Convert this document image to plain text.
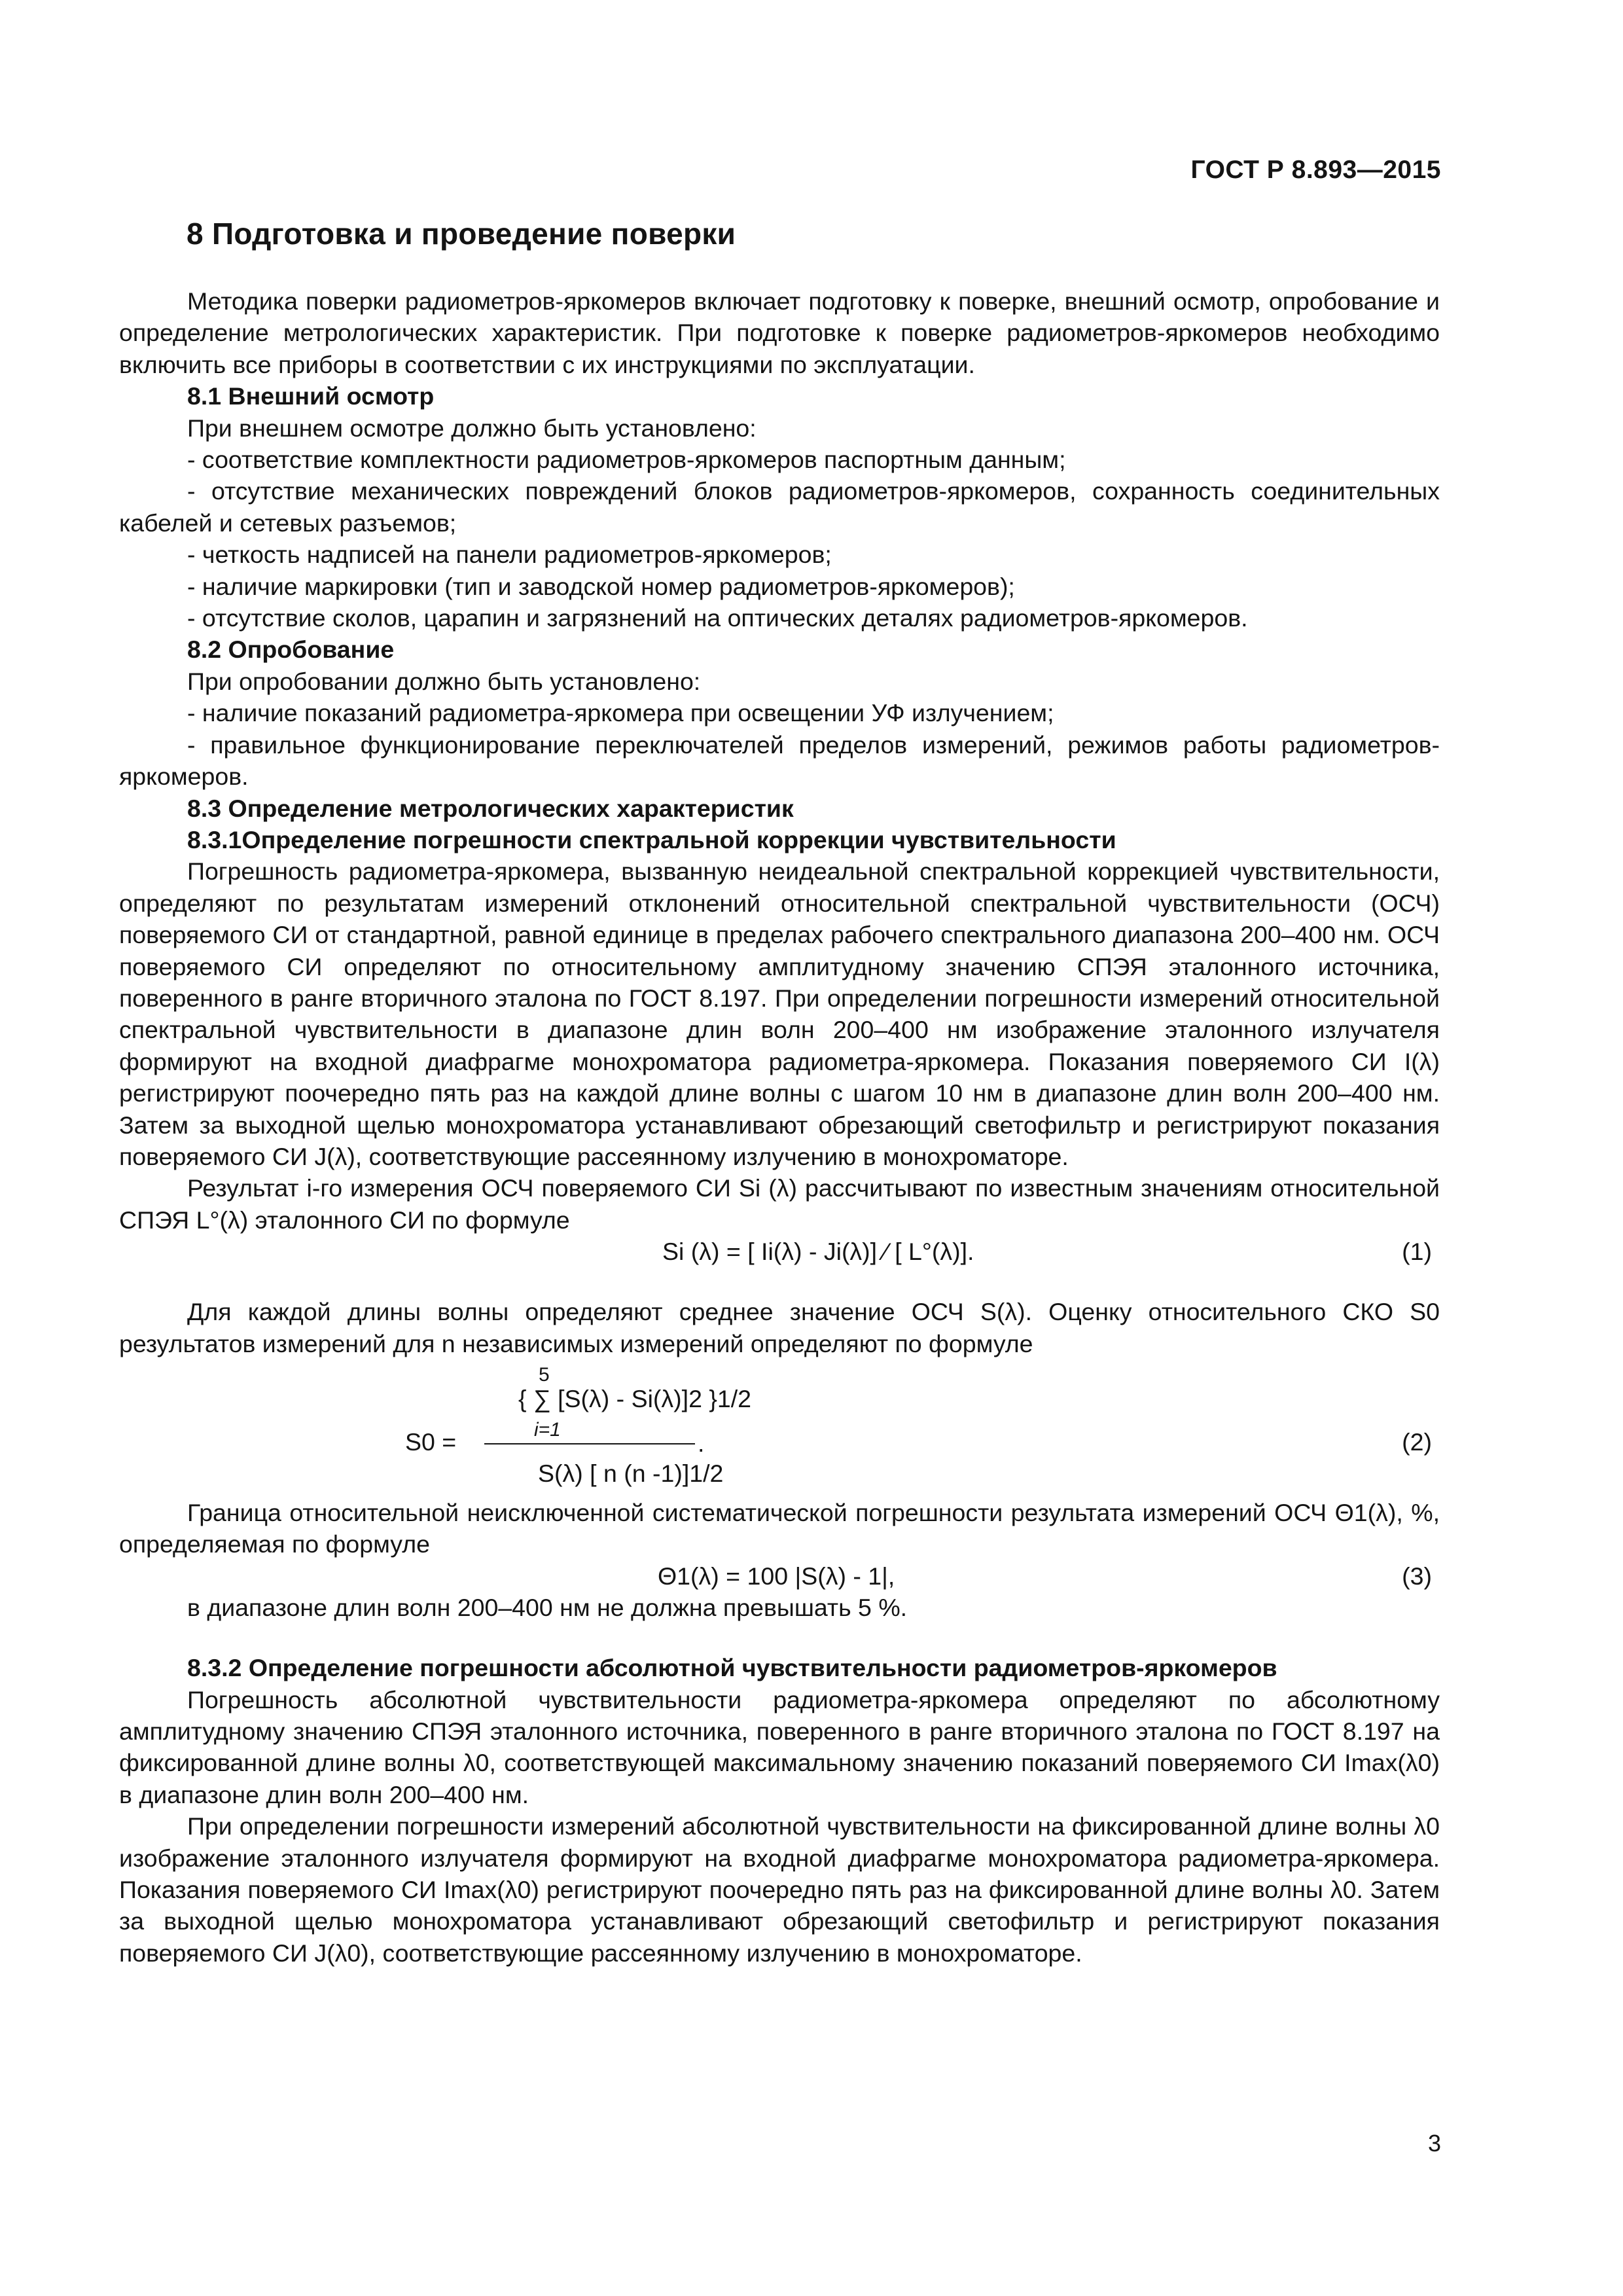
ГОСТ Р 8.893—2015
8 Подготовка и проведение поверки

Методика поверки радиометров-яркомеров включает подготовку к поверке, внешний осмотр, опробование и определение метрологических характеристик. При подготовке к поверке радиометров-яркомеров необходимо включить все приборы в соответствии с их инструкциями по эксплуатации.

8.1 Внешний осмотр

При внешнем осмотре должно быть установлено:

- соответствие комплектности радиометров-яркомеров паспортным данным;

- отсутствие механических повреждений блоков радиометров-яркомеров, сохранность соединительных кабелей и сетевых разъемов;

- четкость надписей на панели радиометров-яркомеров;

- наличие маркировки (тип и заводской номер радиометров-яркомеров);

- отсутствие сколов, царапин и загрязнений на оптических деталях радиометров-яркомеров.

8.2 Опробование

При опробовании должно быть установлено:

- наличие показаний радиометра-яркомера при освещении УФ излучением;

- правильное функционирование переключателей пределов измерений, режимов работы радиометров-яркомеров.

8.3 Определение метрологических характеристик

8.3.1Определение погрешности спектральной коррекции чувствительности

Погрешность радиометра-яркомера, вызванную неидеальной спектральной коррекцией чувствительности, определяют по результатам измерений отклонений относительной спектральной чувствительности (ОСЧ) поверяемого СИ от стандартной, равной единице в пределах рабочего спектрального диапазона 200–400 нм. ОСЧ поверяемого СИ определяют по относительному амплитудному значению СПЭЯ эталонного источника, поверенного в ранге вторичного эталона по ГОСТ 8.197. При определении погрешности измерений относительной спектральной чувствительности в диапазоне длин волн 200–400 нм изображение эталонного излучателя формируют на входной диафрагме монохроматора радиометра-яркомера. Показания поверяемого СИ I(λ) регистрируют поочередно пять раз на каждой длине волны с шагом 10 нм в диапазоне длин волн 200–400 нм. Затем за выходной щелью монохроматора устанавливают обрезающий светофильтр и регистрируют показания поверяемого СИ J(λ), соответствующие рассеянному излучению в монохроматоре.

Результат i-го измерения ОСЧ поверяемого СИ Si (λ) рассчитывают по известным значениям относительной СПЭЯ L°(λ) эталонного СИ по формуле

Si (λ) = [ Ii(λ) - Ji(λ)] ⁄ [ L°(λ)].	(1)

Для каждой длины волны определяют среднее значение ОСЧ S(λ). Оценку относительного СКО S0 результатов измерений для n независимых измерений определяют по формуле

5
{ ∑ [S(λ) - Si(λ)]2 }1/2
i=1
S0 =	.	(2)
S(λ) [ n (n -1)]1/2

Граница относительной неисключенной систематической погрешности результата измерений ОСЧ Θ1(λ), %, определяемая по формуле

Θ1(λ) = 100 |S(λ) - 1|,	(3)

в диапазоне длин волн 200–400 нм не должна превышать 5 %.

8.3.2 Определение погрешности абсолютной чувствительности радиометров-яркомеров

Погрешность абсолютной чувствительности радиометра-яркомера определяют по абсолютному амплитудному значению СПЭЯ эталонного источника, поверенного в ранге вторичного эталона по ГОСТ 8.197 на фиксированной длине волны λ0, соответствующей максимальному значению показаний поверяемого СИ Imax(λ0) в диапазоне длин волн 200–400 нм.

При определении погрешности измерений абсолютной чувствительности на фиксированной длине волны λ0 изображение эталонного излучателя формируют на входной диафрагме монохроматора радиометра-яркомера. Показания поверяемого СИ Imax(λ0) регистрируют поочередно пять раз на фиксированной длине волны λ0. Затем за выходной щелью монохроматора устанавливают обрезающий светофильтр и регистрируют показания поверяемого СИ J(λ0), соответствующие рассеянному излучению в монохроматоре.

3
